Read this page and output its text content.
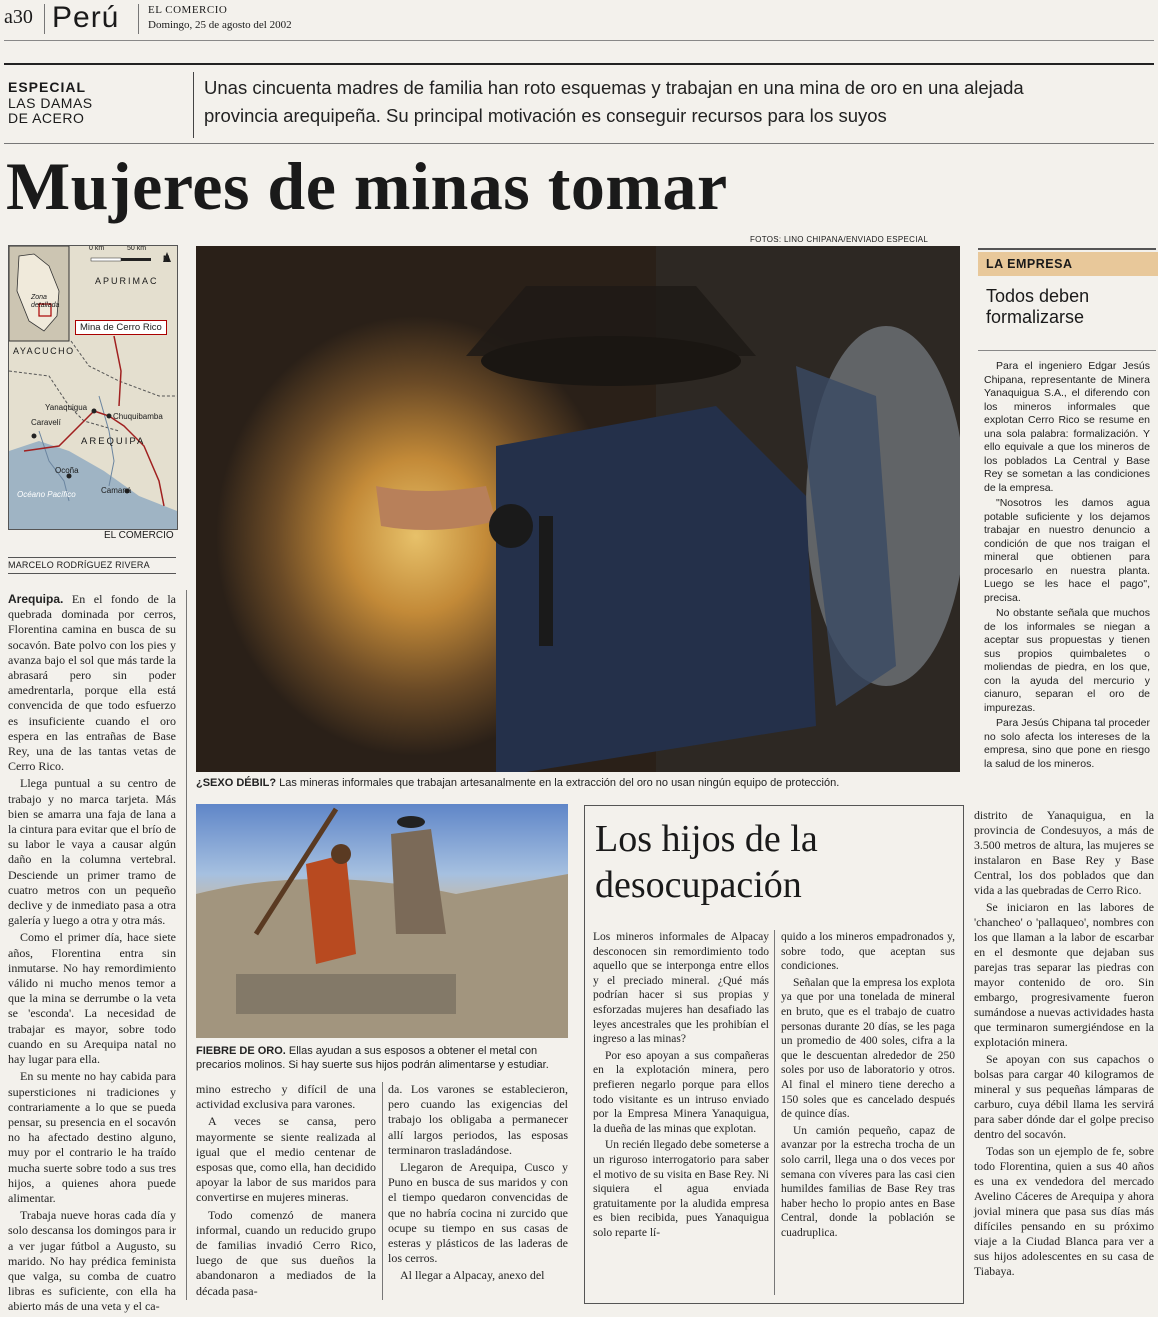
a30 Perú	EL COMERCIO
Domingo, 25 de agosto del 2002
ESPECIAL
LAS DAMAS
DE ACERO
Unas cincuenta madres de familia han roto esquemas y trabajan en una mina de oro en una alejada provincia arequipeña. Su principal motivación es conseguir recursos para los suyos
Mujeres de minas tomar
FOTOS: LINO CHIPANA/ENVIADO ESPECIAL
0 km	50 km
N
APURIMAC
Zona detallada
Mina de Cerro Rico
AYACUCHO
Yanaquigua
Chuquibamba
Caravelí
AREQUIPA
Ocoña
Océano Pacífico	Camaná
EL COMERCIO
MARCELO RODRÍGUEZ RIVERA
¿SEXO DÉBIL? Las mineras informales que trabajan artesanalmente en la extracción del oro no usan ningún equipo de protección.
LA EMPRESA
Todos deben formalizarse

Para el ingeniero Edgar Jesús Chipana, representante de Minera Yanaquigua S.A., el diferendo con los mineros informales que explotan Cerro Rico se resume en una sola palabra: formalización. Y ello equivale a que los mineros de los poblados La Central y Base Rey se sometan a las condiciones de la empresa.

"Nosotros les damos agua potable suficiente y los dejamos trabajar en nuestro denuncio a condición de que nos traigan el mineral que obtienen para procesarlo en nuestra planta. Luego se les hace el pago", precisa.

No obstante señala que muchos de los informales se niegan a aceptar sus propuestas y tienen sus propios quimbaletes o moliendas de piedra, en los que, con la ayuda del mercurio y cianuro, separan el oro de impurezas.

Para Jesús Chipana tal proceder no solo afecta los intereses de la empresa, sino que pone en riesgo la salud de los mineros.

Arequipa. En el fondo de la quebrada dominada por cerros, Florentina camina en busca de su socavón. Bate polvo con los pies y avanza bajo el sol que más tarde la abrasará pero sin poder amedrentarla, porque ella está convencida de que todo esfuerzo es insuficiente cuando el oro espera en las entrañas de Base Rey, una de las tantas vetas de Cerro Rico.

Llega puntual a su centro de trabajo y no marca tarjeta. Más bien se amarra una faja de lana a la cintura para evitar que el brío de su labor le vaya a causar algún daño en la columna vertebral. Desciende un primer tramo de cuatro metros con un pequeño declive y de inmediato pasa a otra galería y luego a otra y otra más.

Como el primer día, hace siete años, Florentina entra sin inmutarse. No hay remordimiento válido ni mucho menos temor a que la mina se derrumbe o la veta se 'esconda'. La necesidad de trabajar es mayor, sobre todo cuando en su Arequipa natal no hay lugar para ella.

En su mente no hay cabida para supersticiones ni tradiciones y contrariamente a lo que se pueda pensar, su presencia en el socavón no ha afectado destino alguno, muy por el contrario le ha traído mucha suerte sobre todo a sus tres hijos, a quienes ahora puede alimentar.

Trabaja nueve horas cada día y solo descansa los domingos para ir a ver jugar fútbol a Augusto, su marido. No hay prédica feminista que valga, su comba de cuatro libras es suficiente, con ella ha abierto más de una veta y el ca-

FIEBRE DE ORO. Ellas ayudan a sus esposos a obtener el metal con precarios molinos. Si hay suerte sus hijos podrán alimentarse y estudiar.

mino estrecho y difícil de una actividad exclusiva para varones.

A veces se cansa, pero mayormente se siente realizada al igual que el medio centenar de esposas que, como ella, han decidido apoyar la labor de sus maridos para convertirse en mujeres mineras.

Todo comenzó de manera informal, cuando un reducido grupo de familias invadió Cerro Rico, luego de que sus dueños la abandonaron a mediados de la década pasa-

da. Los varones se establecieron, pero cuando las exigencias del trabajo los obligaba a permanecer allí largos periodos, las esposas terminaron trasladándose.

Llegaron de Arequipa, Cusco y Puno en busca de sus maridos y con el tiempo quedaron convencidas de que no habría cocina ni zurcido que ocupe su tiempo en sus casas de esteras y plásticos de las laderas de los cerros.

Al llegar a Alpacay, anexo del

Los hijos de la desocupación

Los mineros informales de Alpacay desconocen sin remordimiento todo aquello que se interponga entre ellos y el preciado mineral. ¿Qué más podrían hacer si sus propias y esforzadas mujeres han desafiado las leyes ancestrales que les prohibían el ingreso a las minas?

Por eso apoyan a sus compañeras en la explotación minera, pero prefieren negarlo porque para ellos todo visitante es un intruso enviado por la Empresa Minera Yanaquigua, la dueña de las minas que explotan.

Un recién llegado debe someterse a un riguroso interrogatorio para saber el motivo de su visita en Base Rey. Ni siquiera el agua enviada gratuitamente por la aludida empresa es bien recibida, pues Yanaquigua solo reparte lí-

quido a los mineros empadronados y, sobre todo, que aceptan sus condiciones.

Señalan que la empresa los explota ya que por una tonelada de mineral en bruto, que es el trabajo de cuatro personas durante 20 días, se les paga un promedio de 400 soles, cifra a la que le descuentan alrededor de 250 soles por uso de laboratorio y otros. Al final el minero tiene derecho a 150 soles que es cancelado después de quince días.

Un camión pequeño, capaz de avanzar por la estrecha trocha de un solo carril, llega una o dos veces por semana con víveres para las casi cien humildes familias de Base Rey tras haber hecho lo propio antes en Base Central, donde la población se cuadruplica.

distrito de Yanaquigua, en la provincia de Condesuyos, a más de 3.500 metros de altura, las mujeres se instalaron en Base Rey y Base Central, los dos poblados que dan vida a las quebradas de Cerro Rico.

Se iniciaron en las labores de 'chancheo' o 'pallaqueo', nombres con los que llaman a la labor de escarbar en el desmonte que dejaban sus parejas tras separar las piedras con mayor contenido de oro. Sin embargo, progresivamente fueron sumándose a nuevas actividades hasta que terminaron sumergiéndose en la explotación minera.

Se apoyan con sus capachos o bolsas para cargar 40 kilogramos de mineral y sus pequeñas lámparas de carburo, cuya débil llama les servirá para saber dónde dar el golpe preciso dentro del socavón.

Todas son un ejemplo de fe, sobre todo Florentina, quien a sus 40 años es una ex vendedora del mercado Avelino Cáceres de Arequipa y ahora jovial minera que pasa sus días más difíciles pensando en su próximo viaje a la Ciudad Blanca para ver a sus hijos adolescentes en su casa de Tiabaya.
